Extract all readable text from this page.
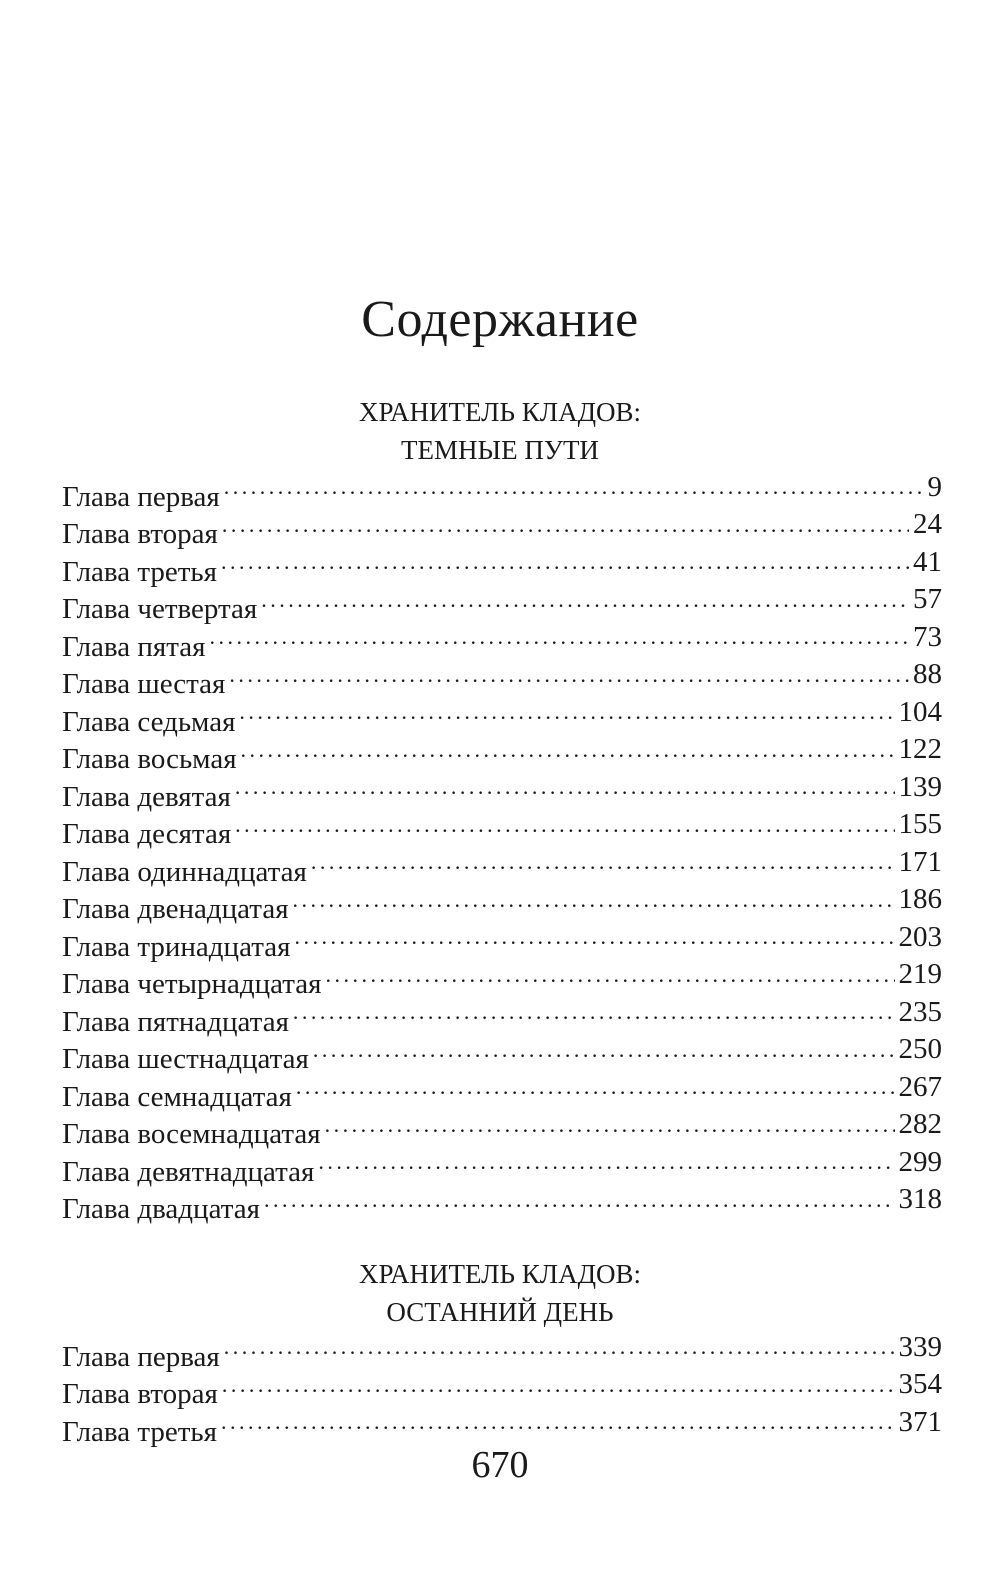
Содержание
ХРАНИТЕЛЬ КЛАДОВ:
ТЕМНЫЕ ПУТИ
Глава первая . . .	9
Глава вторая . . .	24
Глава третья . . .	41
Глава четвертая . . .	57
Глава пятая . . .	73
Глава шестая . . .	88
Глава седьмая . . .	104
Глава восьмая . . .	122
Глава девятая . . .	139
Глава десятая . . .	155
Глава одиннадцатая . . .	171
Глава двенадцатая . . .	186
Глава тринадцатая . . .	203
Глава четырнадцатая . . .	219
Глава пятнадцатая . . .	235
Глава шестнадцатая . . .	250
Глава семнадцатая . . .	267
Глава восемнадцатая . . .	282
Глава девятнадцатая . . .	299
Глава двадцатая . . .	318
ХРАНИТЕЛЬ КЛАДОВ:
ОСТАННИЙ ДЕНЬ
Глава первая . . .	339
Глава вторая . . .	354
Глава третья . . .	371
670
